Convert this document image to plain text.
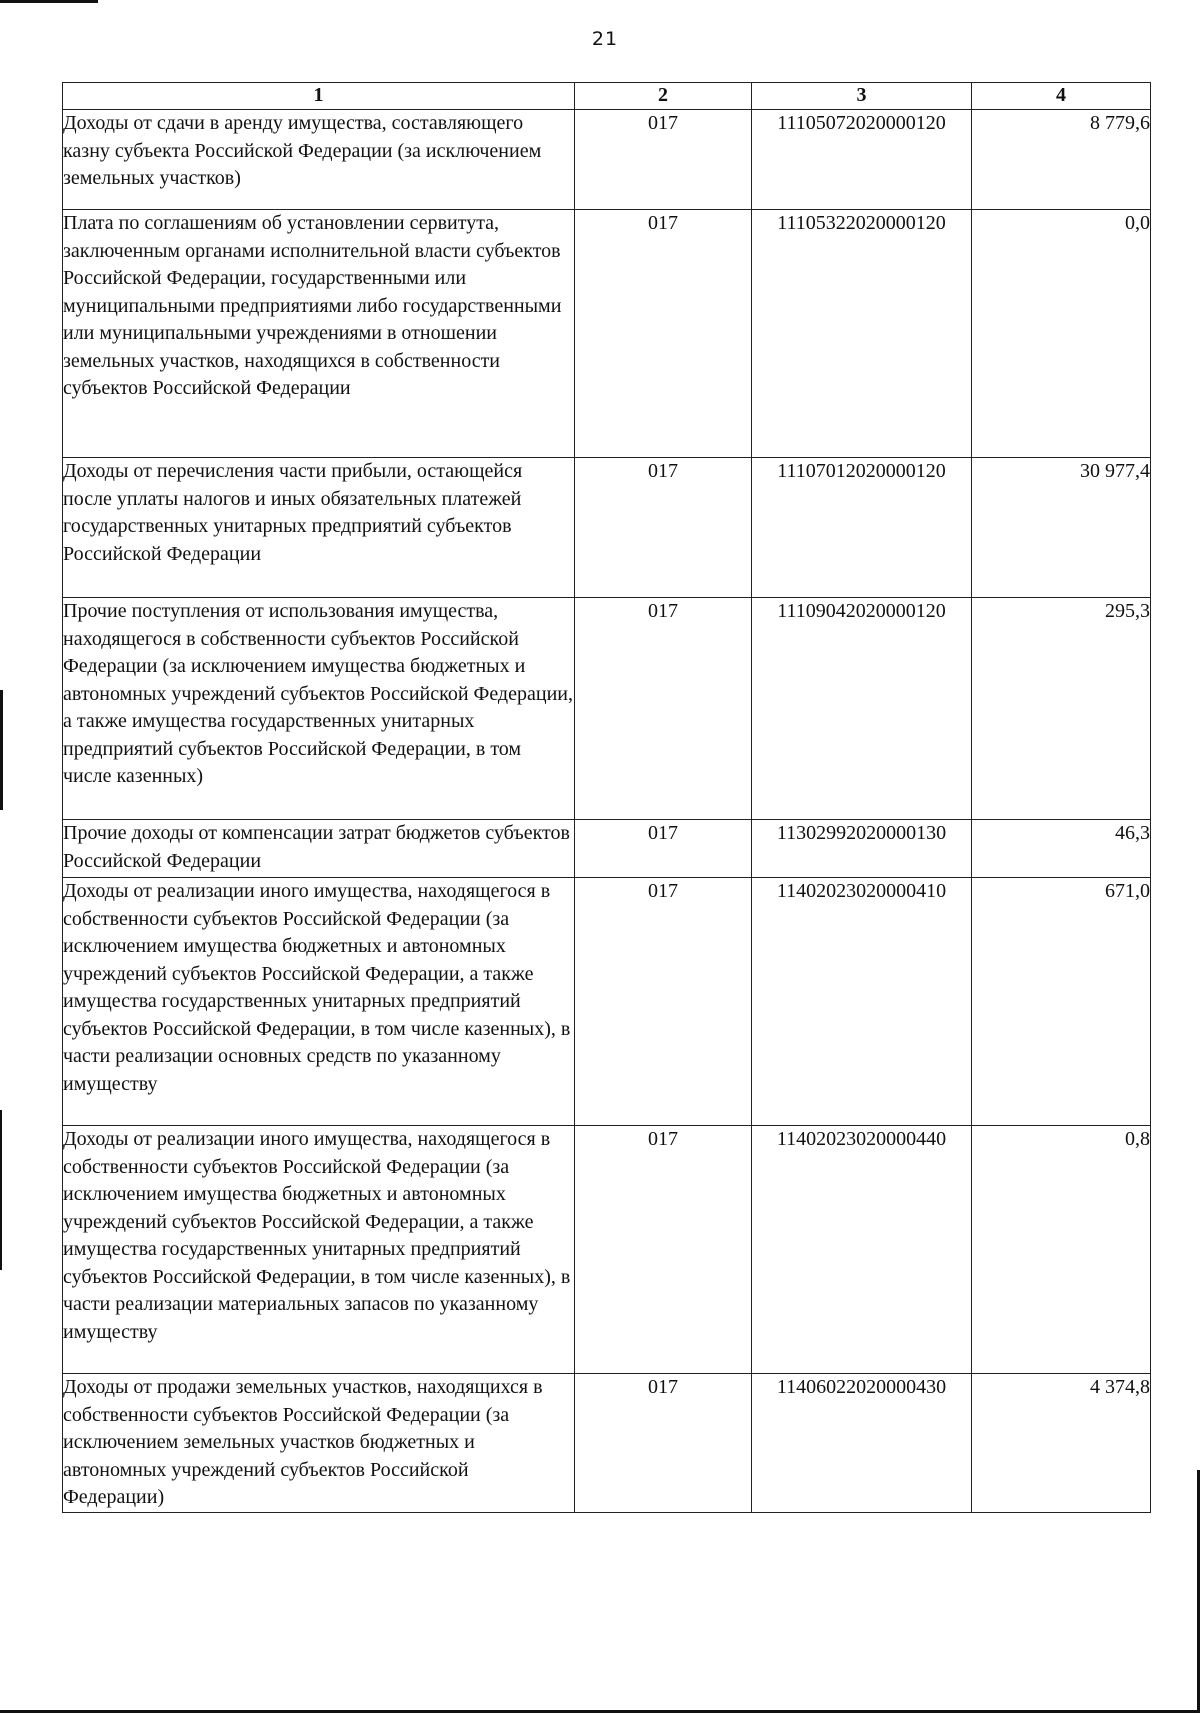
21
1	2	3	4
Доходы от сдачи в аренду имущества, составляющего казну субъекта Российской Федерации (за исключением земельных участков)	017	11105072020000120	8 779,6
Плата по соглашениям об установлении сервитута, заключенным органами исполнительной власти субъектов Российской Федерации, государственными или муниципальными предприятиями либо государственными или муниципальными учреждениями в отношении земельных участков, находящихся в собственности субъектов Российской Федерации	017	11105322020000120	0,0
Доходы от перечисления части прибыли, остающейся после уплаты налогов и иных обязательных платежей государственных унитарных предприятий субъектов Российской Федерации	017	11107012020000120	30 977,4
Прочие поступления от использования имущества, находящегося в собственности субъектов Российской Федерации (за исключением имущества бюджетных и автономных учреждений субъектов Российской Федерации, а также имущества государственных унитарных предприятий субъектов Российской Федерации, в том числе казенных)	017	11109042020000120	295,3
Прочие доходы от компенсации затрат бюджетов субъектов Российской Федерации	017	11302992020000130	46,3
Доходы от реализации иного имущества, находящегося в собственности субъектов Российской Федерации (за исключением имущества бюджетных и автономных учреждений субъектов Российской Федерации, а также имущества государственных унитарных предприятий субъектов Российской Федерации, в том числе казенных), в части реализации основных средств по указанному имуществу	017	11402023020000410	671,0
Доходы от реализации иного имущества, находящегося в собственности субъектов Российской Федерации (за исключением имущества бюджетных и автономных учреждений субъектов Российской Федерации, а также имущества государственных унитарных предприятий субъектов Российской Федерации, в том числе казенных), в части реализации материальных запасов по указанному имуществу	017	11402023020000440	0,8
Доходы от продажи земельных участков, находящихся в собственности субъектов Российской Федерации (за исключением земельных участков бюджетных и автономных учреждений субъектов Российской Федерации)	017	11406022020000430	4 374,8
